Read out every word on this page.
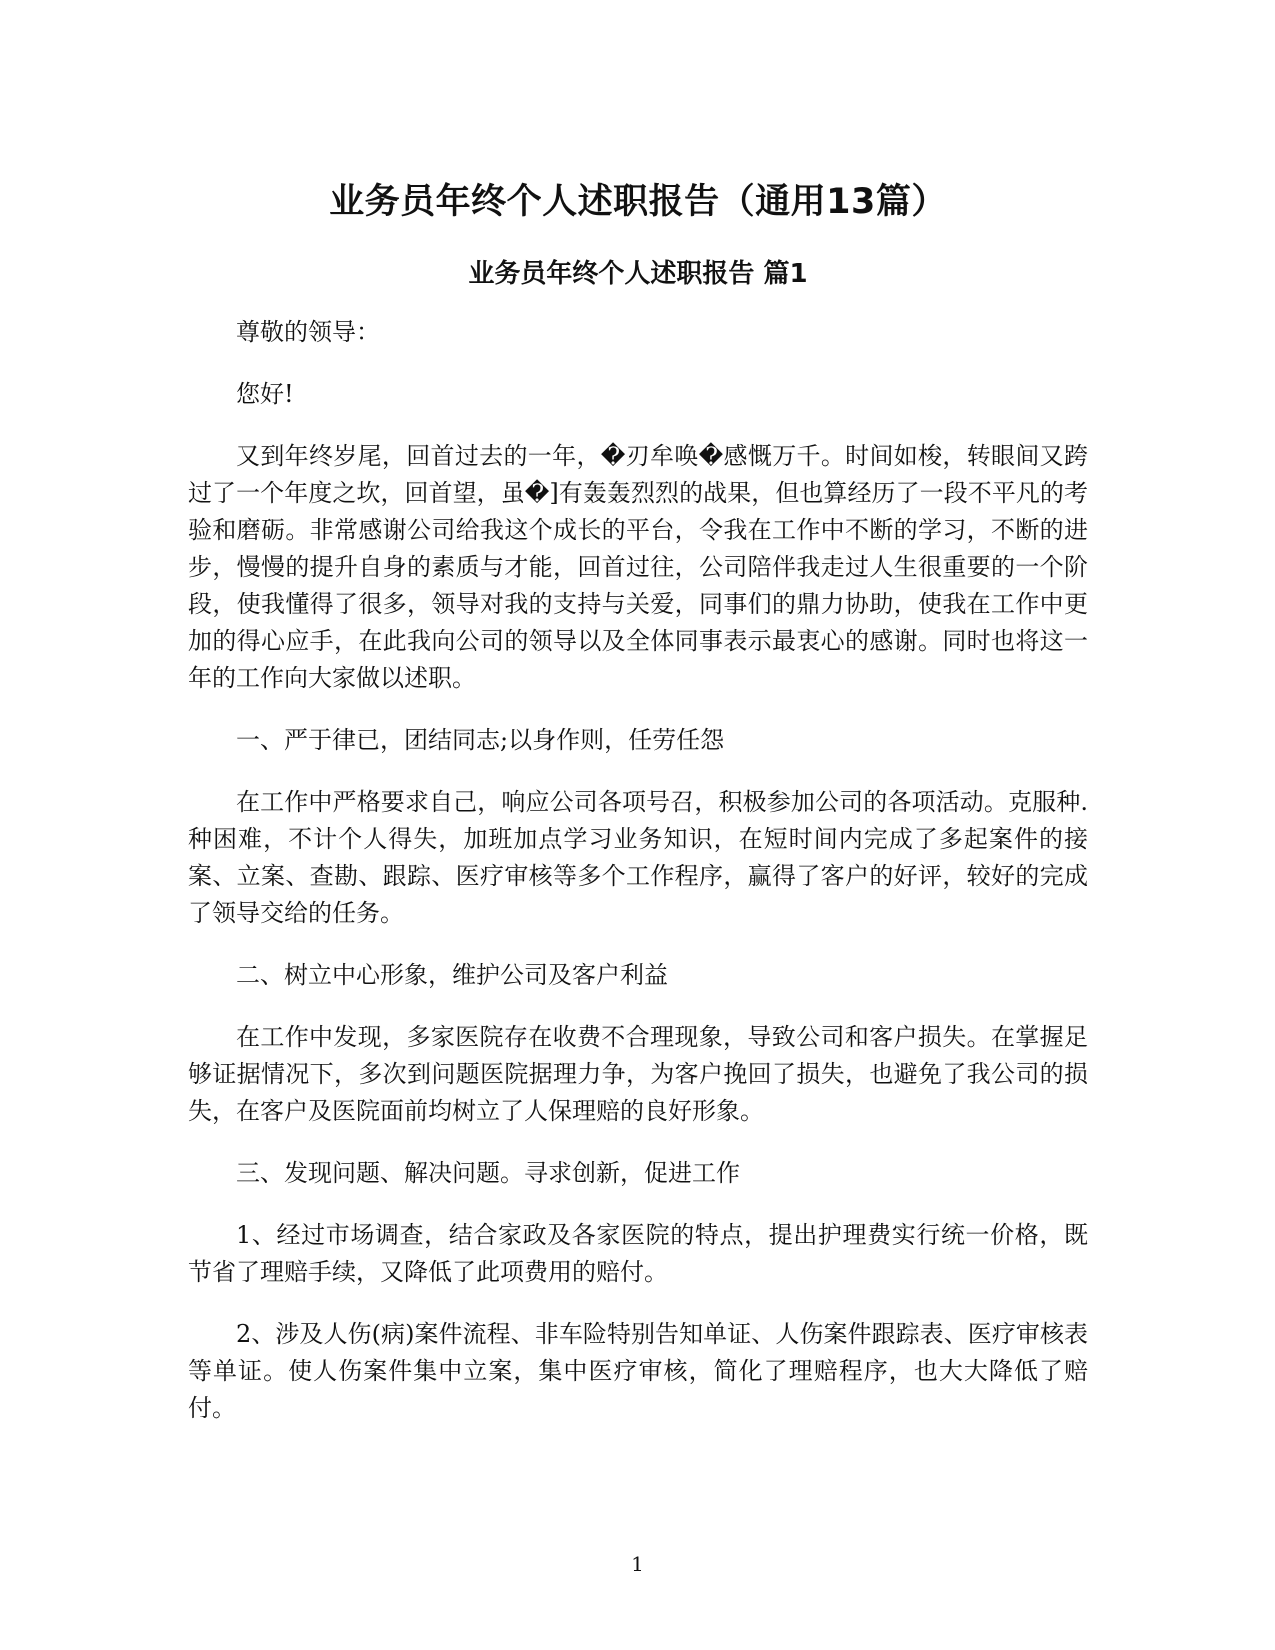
业务员年终个人述职报告（通用13篇）
业务员年终个人述职报告 篇1

尊敬的领导：

您好!

又到年终岁尾，回首过去的一年，�刃牟唤�感慨万千。时间如梭，转眼间又跨过了一个年度之坎，回首望，虽�]有轰轰烈烈的战果，但也算经历了一段不平凡的考验和磨砺。非常感谢公司给我这个成长的平台，令我在工作中不断的学习，不断的进步，慢慢的提升自身的素质与才能，回首过往，公司陪伴我走过人生很重要的一个阶段，使我懂得了很多，领导对我的支持与关爱，同事们的鼎力协助，使我在工作中更加的得心应手，在此我向公司的领导以及全体同事表示最衷心的感谢。同时也将这一年的工作向大家做以述职。

一、严于律已，团结同志;以身作则，任劳任怨

在工作中严格要求自己，响应公司各项号召，积极参加公司的各项活动。克服种.种困难，不计个人得失，加班加点学习业务知识，在短时间内完成了多起案件的接案、立案、查勘、跟踪、医疗审核等多个工作程序，赢得了客户的好评，较好的完成了领导交给的任务。

二、树立中心形象，维护公司及客户利益

在工作中发现，多家医院存在收费不合理现象，导致公司和客户损失。在掌握足够证据情况下，多次到问题医院据理力争，为客户挽回了损失，也避免了我公司的损失，在客户及医院面前均树立了人保理赔的良好形象。

三、发现问题、解决问题。寻求创新，促进工作

1、经过市场调查，结合家政及各家医院的特点，提出护理费实行统一价格，既节省了理赔手续，又降低了此项费用的赔付。

2、涉及人伤(病)案件流程、非车险特别告知单证、人伤案件跟踪表、医疗审核表等单证。使人伤案件集中立案，集中医疗审核，简化了理赔程序，也大大降低了赔付。

1
